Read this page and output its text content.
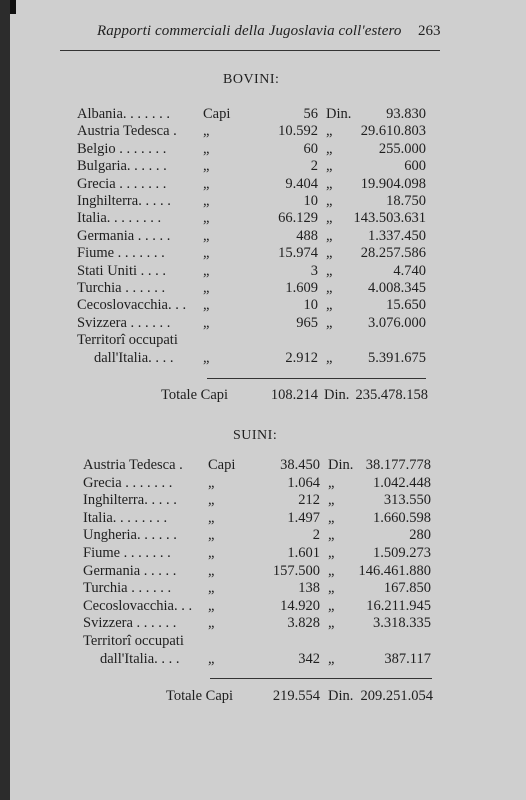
Rapporti commerciali della Jugoslavia coll'estero 263
BOVINI:
Albania. . . . . . . Capi	56 Din.	93.830
Austria Tedesca . „	10.592 „	29.610.803
Belgio . . . . . . .	„	60 „	255.000
Bulgaria. . . . . . „	2 „	600
Grecia . . . . . . .	„	9.404 „	19.904.098
Inghilterra. . . . . „	10 „	18.750
Italia. . . . . . . .	„	66.129 „	143.503.631
Germania . . . . . „	488 „	1.337.450
Fiume . . . . . . .	„	15.974 „	28.257.586
Stati Uniti . . . .	„	3 „	4.740
Turchia . . . . . .	„	1.609 „	4.008.345
Cecoslovacchia. . . „	10 „	15.650
Svizzera . . . . . . „	965 „	3.076.000
Territorî occupati
dall'Italia. . . . „	2.912 „	5.391.675
Totale Capi	108.214 Din. 235.478.158
SUINI:
Austria Tedesca . Capi	38.450 Din. 38.177.778
Grecia . . . . . . . „	1.064 „	1.042.448
Inghilterra. . . . . „	212 „	313.550
Italia. . . . . . . .	„	1.497 „	1.660.598
Ungheria. . . . . . „	2 „	280
Fiume . . . . . . .	„	1.601 „	1.509.273
Germania . . . . . „	157.500 „	146.461.880
Turchia . . . . . .	„	138 „	167.850
Cecoslovacchia. . . „	14.920 „	16.211.945
Svizzera . . . . . . „	3.828 „	3.318.335
Territorî occupati
dall'Italia. . . . „	342 „	387.117
Totale Capi	219.554 Din. 209.251.054
